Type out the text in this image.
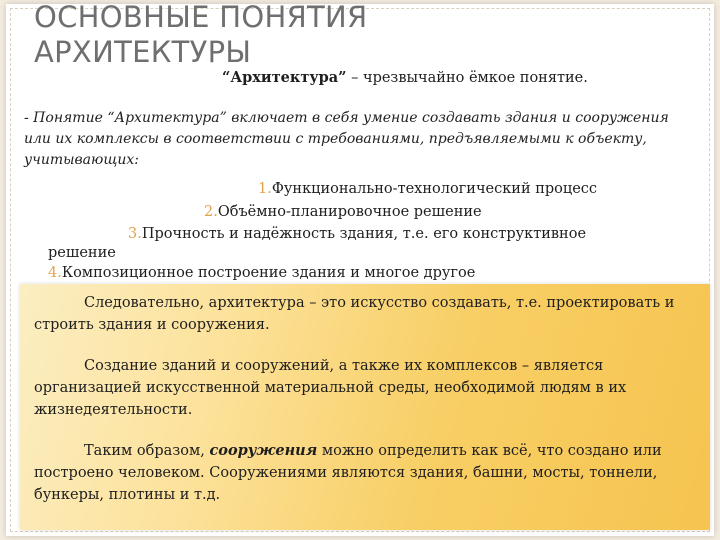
ОСНОВНЫЕ ПОНЯТИЯ
АРХИТЕКТУРЫ
“Архитектура” – чрезвычайно ёмкое понятие.
- Понятие “Архитектура” включает в себя умение создавать здания и сооружения или их комплексы в соответствии с требованиями, предъявляемыми к объекту, учитывающих:
1.Функционально-технологический процесс
2.Объёмно-планировочное решение
3.Прочность и надёжность здания, т.е. его конструктивное
решение
4.Композиционное построение здания и многое другое

Следовательно, архитектура – это искусство создавать, т.е. проектировать и строить здания и сооружения.

Создание зданий и сооружений, а также их комплексов – является организацией искусственной материальной среды, необходимой людям в их жизнедеятельности.

Таким образом, сооружения можно определить как всё, что создано или построено человеком. Сооружениями являются здания, башни, мосты, тоннели, бункеры, плотины и т.д.
